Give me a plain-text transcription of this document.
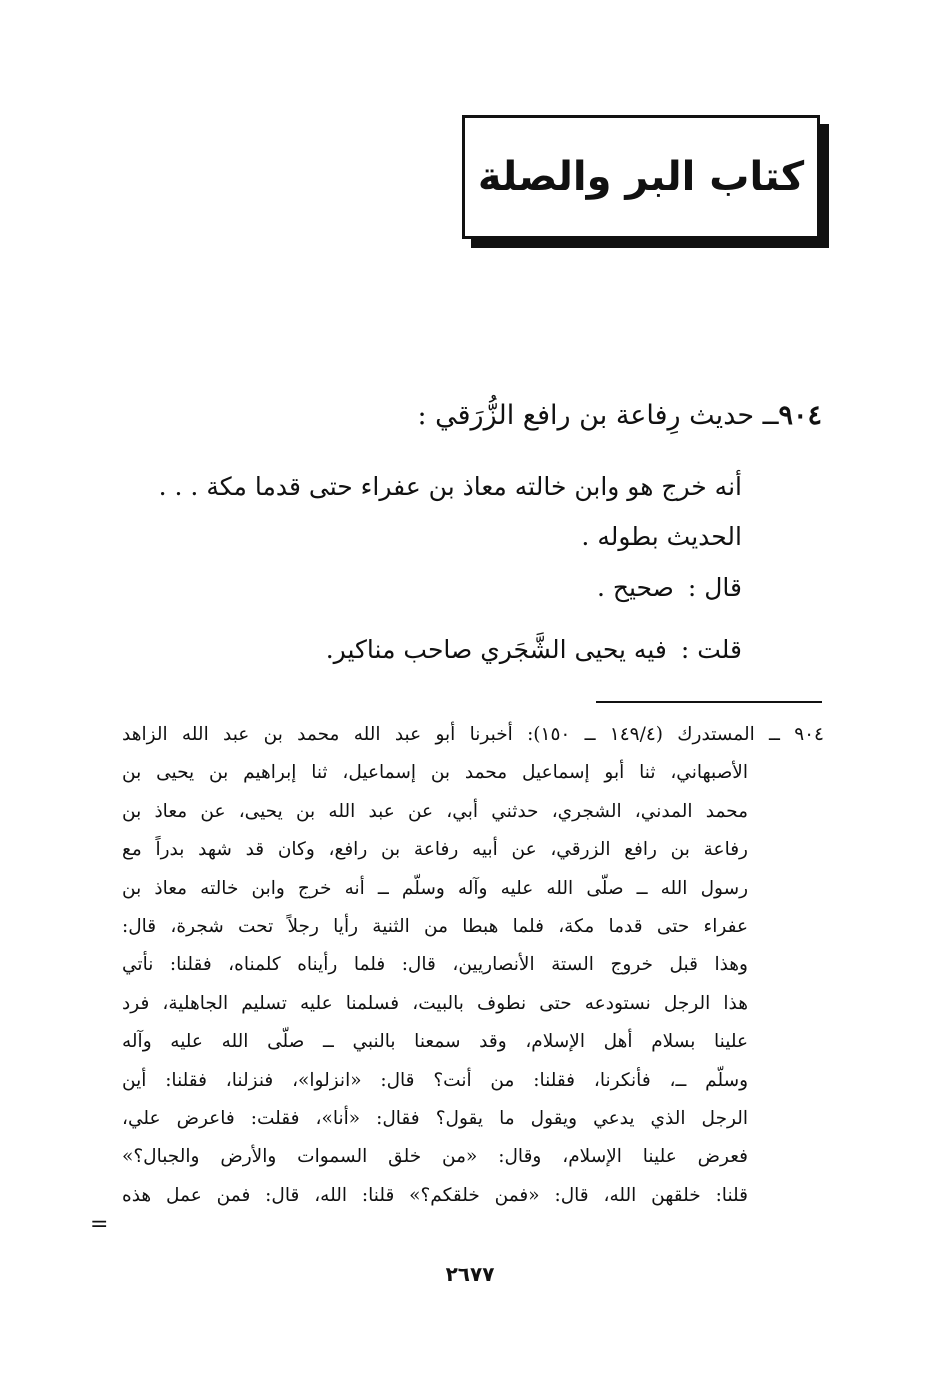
كتاب البر والصلة
٩٠٤ــ حديث رِفاعة بن رافع الزُّرَقي :
أنه خرج هو وابن خالته معاذ بن عفراء حتى قدما مكة . . .
الحديث بطوله .
قال :صحيح .
قلت :فيه يحيى الشَّجَري صاحب مناكير.
٩٠٤ ــ المستدرك (١٤٩/٤ ــ ١٥٠): أخبرنا أبو عبد الله محمد بن عبد الله الزاهد
الأصبهاني، ثنا أبو إسماعيل محمد بن إسماعيل، ثنا إبراهيم بن يحيى بن
محمد المدني، الشجري، حدثني أبي، عن عبد الله بن يحيى، عن معاذ بن
رفاعة بن رافع الزرقي، عن أبيه رفاعة بن رافع، وكان قد شهد بدراً مع
رسول الله ــ صلّى الله عليه وآله وسلّم ــ أنه خرج وابن خالته معاذ بن
عفراء حتى قدما مكة، فلما هبطا من الثنية رأيا رجلاً تحت شجرة، قال:
وهذا قبل خروج الستة الأنصاريين، قال: فلما رأيناه كلمناه، فقلنا: نأتي
هذا الرجل نستودعه حتى نطوف بالبيت، فسلمنا عليه تسليم الجاهلية، فرد
علينا بسلام أهل الإسلام، وقد سمعنا بالنبي ــ صلّى الله عليه وآله
وسلّم ــ، فأنكرنا، فقلنا: من أنت؟ قال: «انزلوا»، فنزلنا، فقلنا: أين
الرجل الذي يدعي ويقول ما يقول؟ فقال: «أنا»، فقلت: فاعرض علي،
فعرض علينا الإسلام، وقال: «من خلق السموات والأرض والجبال؟»
قلنا: خلقهن الله، قال: «فمن خلقكم؟» قلنا: الله، قال: فمن عمل هذه
=
٢٦٧٧
